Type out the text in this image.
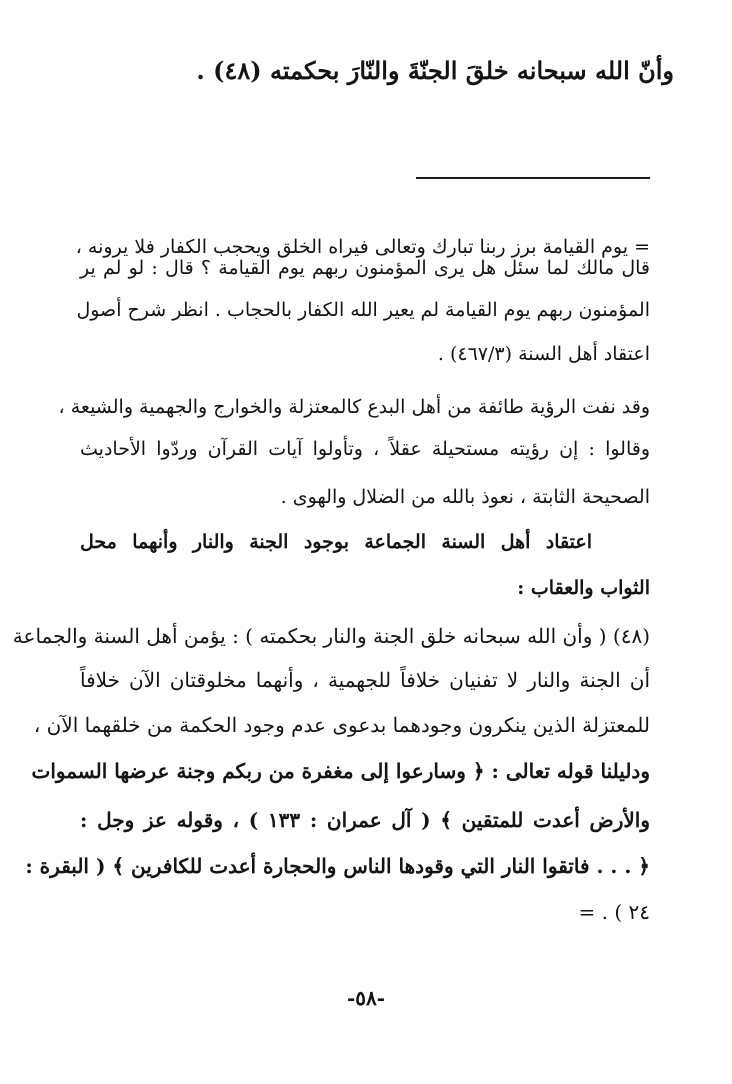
وأنّ الله سبحانه خلقَ الجنّةَ والنّارَ بحكمته (٤٨) .
= يوم القيامة برز ربنا تبارك وتعالى فيراه الخلق ويحجب الكفار فلا يرونه ،
قال مالك لما سئل هل يرى المؤمنون ربهم يوم القيامة ؟ قال : لو لم ير
المؤمنون ربهم يوم القيامة لم يعير الله الكفار بالحجاب . انظر شرح أصول
اعتقاد أهل السنة (٤٦٧/٣) .
وقد نفت الرؤية طائفة من أهل البدع كالمعتزلة والخوارج والجهمية والشيعة ،
وقالوا : إن رؤيته مستحيلة عقلاً ، وتأولوا آيات القرآن وردّوا الأحاديث
الصحيحة الثابتة ، نعوذ بالله من الضلال والهوى .
اعتقاد أهل السنة الجماعة بوجود الجنة والنار وأنهما محل
الثواب والعقاب :
(٤٨) ( وأن الله سبحانه خلق الجنة والنار بحكمته ) : يؤمن أهل السنة والجماعة
أن الجنة والنار لا تفنيان خلافاً للجهمية ، وأنهما مخلوقتان الآن خلافاً
للمعتزلة الذين ينكرون وجودهما بدعوى عدم وجود الحكمة من خلقهما الآن ،
ودليلنا قوله تعالى : ﴿ وسارعوا إلى مغفرة من ربكم وجنة عرضها السموات
والأرض أعدت للمتقين ﴾ ( آل عمران : ١٣٣ ) ، وقوله عز وجل :
﴿ . . . فاتقوا النار التي وقودها الناس والحجارة أعدت للكافرين ﴾ ( البقرة :
٢٤ ) . =
-٥٨-
